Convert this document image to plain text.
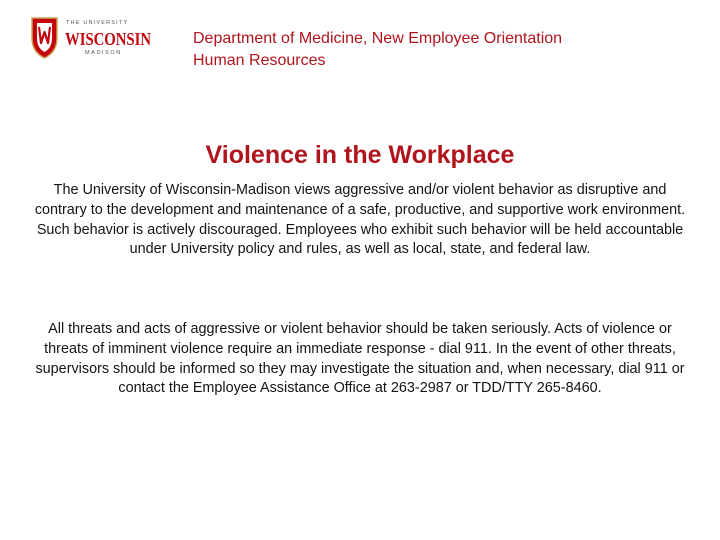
THE UNIVERSITY
WISCONSIN
MADISON
Department of Medicine, New Employee Orientation
Human Resources
Violence in the Workplace
The University of Wisconsin-Madison views aggressive and/or violent behavior as disruptive and contrary to the development and maintenance of a safe, productive, and supportive work environment. Such behavior is actively discouraged. Employees who exhibit such behavior will be held accountable under University policy and rules, as well as local, state, and federal law.
All threats and acts of aggressive or violent behavior should be taken seriously. Acts of violence or threats of imminent violence require an immediate response - dial 911. In the event of other threats, supervisors should be informed so they may investigate the situation and, when necessary, dial 911 or contact the Employee Assistance Office at 263-2987 or TDD/TTY 265-8460.
